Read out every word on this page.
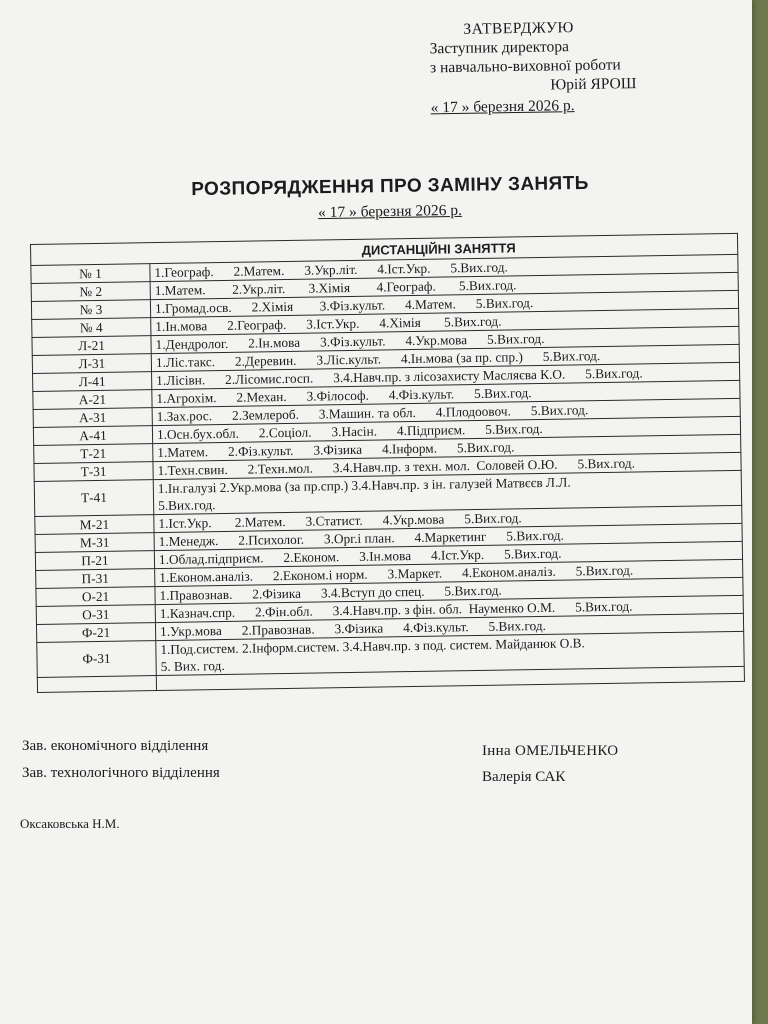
ЗАТВЕРДЖУЮ
Заступник директора
з навчально-виховної роботи
Юрій ЯРОШ
« 17 » березня 2026 р.
РОЗПОРЯДЖЕННЯ ПРО ЗАМІНУ ЗАНЯТЬ
« 17 » березня 2026 р.
ДИСТАНЦІЙНІ ЗАНЯТТЯ	
№ 1	1.Географ.      2.Матем.      3.Укр.літ.      4.Іст.Укр.      5.Вих.год.
№ 2	1.Матем.        2.Укр.літ.       3.Хімія        4.Географ.       5.Вих.год.
№ 3	1.Громад.осв.      2.Хімія        3.Фіз.культ.      4.Матем.      5.Вих.год.
№ 4	1.Ін.мова      2.Географ.      3.Іст.Укр.      4.Хімія       5.Вих.год.
Л-21	1.Дендролог.      2.Ін.мова      3.Фіз.культ.      4.Укр.мова      5.Вих.год.
Л-31	1.Ліс.такс.      2.Деревин.      3.Ліс.культ.      4.Ін.мова (за пр. спр.)      5.Вих.год.
Л-41	1.Лісівн.      2.Лісомис.госп.      3.4.Навч.пр. з лісозахисту Масляєва К.О.      5.Вих.год.
А-21	1.Агрохім.      2.Механ.      3.Філософ.      4.Фіз.культ.      5.Вих.год.
А-31	1.Зах.рос.      2.Землероб.      3.Машин. та обл.      4.Плодоовоч.      5.Вих.год.
А-41	1.Осн.бух.обл.      2.Соціол.      3.Насін.      4.Підприєм.      5.Вих.год.
Т-21	1.Матем.      2.Фіз.культ.      3.Фізика      4.Інформ.      5.Вих.год.
Т-31	1.Техн.свин.      2.Техн.мол.      3.4.Навч.пр. з техн. мол.  Соловей О.Ю.      5.Вих.год.
Т-41	1.Ін.галузі 2.Укр.мова (за пр.спр.) 3.4.Навч.пр. з ін. галузей Матвєєв Л.Л.
5.Вих.год.
М-21	1.Іст.Укр.       2.Матем.      3.Статист.      4.Укр.мова      5.Вих.год.
М-31	1.Менедж.      2.Психолог.      3.Орг.і план.      4.Маркетинг      5.Вих.год.
П-21	1.Облад.підприєм.      2.Економ.      3.Ін.мова      4.Іст.Укр.      5.Вих.год.
П-31	1.Економ.аналіз.      2.Економ.і норм.      3.Маркет.      4.Економ.аналіз.      5.Вих.год.
О-21	1.Правознав.      2.Фізика      3.4.Вступ до спец.      5.Вих.год.
О-31	1.Казнач.спр.      2.Фін.обл.      3.4.Навч.пр. з фін. обл.  Науменко О.М.      5.Вих.год.
Ф-21	1.Укр.мова      2.Правознав.      3.Фізика      4.Фіз.культ.      5.Вих.год.
Ф-31	1.Под.систем. 2.Інформ.систем. 3.4.Навч.пр. з под. систем. Майданюк О.В.
5. Вих. год.

Зав. економічного відділення
Зав. технологічного відділення
Інна ОМЕЛЬЧЕНКО
Валерія САК
Оксаковська Н.М.
